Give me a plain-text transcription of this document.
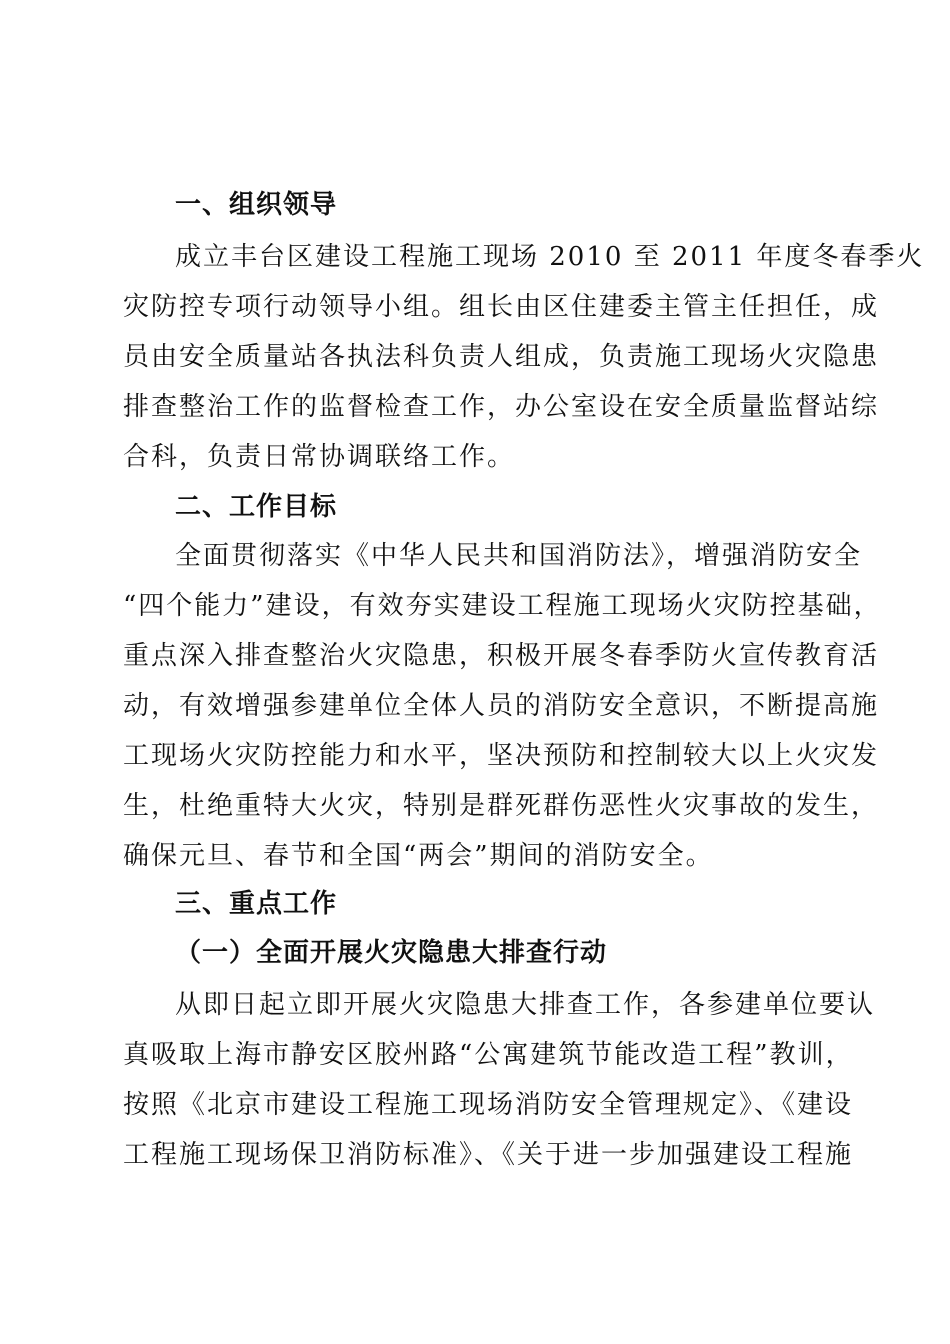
一、组织领导
成立丰台区建设工程施工现场 2010 至 2011 年度冬春季火
灾防控专项行动领导小组。组长由区住建委主管主任担任，成
员由安全质量站各执法科负责人组成，负责施工现场火灾隐患
排查整治工作的监督检查工作，办公室设在安全质量监督站综
合科，负责日常协调联络工作。
二、工作目标
全面贯彻落实《中华人民共和国消防法》，增强消防安全
“四个能力”建设，有效夯实建设工程施工现场火灾防控基础，
重点深入排查整治火灾隐患，积极开展冬春季防火宣传教育活
动，有效增强参建单位全体人员的消防安全意识，不断提高施
工现场火灾防控能力和水平，坚决预防和控制较大以上火灾发
生，杜绝重特大火灾，特别是群死群伤恶性火灾事故的发生，
确保元旦、春节和全国“两会”期间的消防安全。
三、重点工作
（一）全面开展火灾隐患大排查行动
从即日起立即开展火灾隐患大排查工作，各参建单位要认
真吸取上海市静安区胶州路“公寓建筑节能改造工程”教训，
按照《北京市建设工程施工现场消防安全管理规定》、《建设
工程施工现场保卫消防标准》、《关于进一步加强建设工程施
